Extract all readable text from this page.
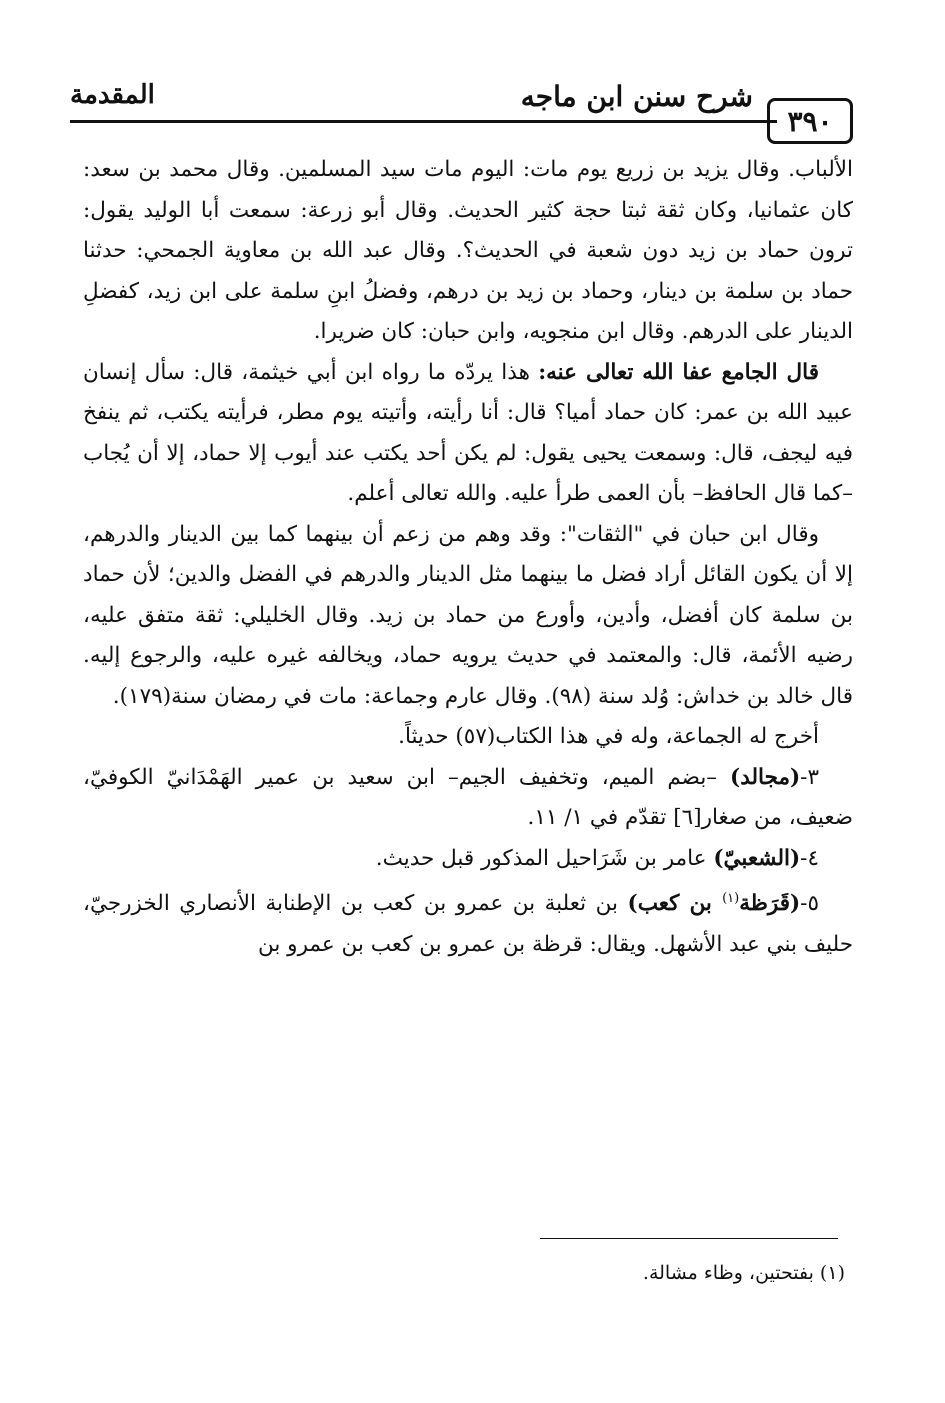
٣٩٠
شرح سنن ابن ماجه
المقدمة

الألباب. وقال يزيد بن زريع يوم مات: اليوم مات سيد المسلمين. وقال محمد بن سعد: كان عثمانيا، وكان ثقة ثبتا حجة كثير الحديث. وقال أبو زرعة: سمعت أبا الوليد يقول: ترون حماد بن زيد دون شعبة في الحديث؟. وقال عبد الله بن معاوية الجمحي: حدثنا حماد بن سلمة بن دينار، وحماد بن زيد بن درهم، وفضلُ ابنِ سلمة على ابن زيد، كفضلِ الدينار على الدرهم. وقال ابن منجويه، وابن حبان: كان ضريرا.

قال الجامع عفا الله تعالى عنه: هذا يردّه ما رواه ابن أبي خيثمة، قال: سأل إنسان عبيد الله بن عمر: كان حماد أميا؟ قال: أنا رأيته، وأتيته يوم مطر، فرأيته يكتب، ثم ينفخ فيه ليجف، قال: وسمعت يحيى يقول: لم يكن أحد يكتب عند أيوب إلا حماد، إلا أن يُجاب –كما قال الحافظ– بأن العمى طرأ عليه. والله تعالى أعلم.

وقال ابن حبان في "الثقات": وقد وهم من زعم أن بينهما كما بين الدينار والدرهم، إلا أن يكون القائل أراد فضل ما بينهما مثل الدينار والدرهم في الفضل والدين؛ لأن حماد بن سلمة كان أفضل، وأدين، وأورع من حماد بن زيد. وقال الخليلي: ثقة متفق عليه، رضيه الأئمة، قال: والمعتمد في حديث يرويه حماد، ويخالفه غيره عليه، والرجوع إليه. قال خالد بن خداش: وُلد سنة (٩٨). وقال عارم وجماعة: مات في رمضان سنة(١٧٩).

أخرج له الجماعة، وله في هذا الكتاب(٥٧) حديثاً.

٣-(مجالد) –بضم الميم، وتخفيف الجيم– ابن سعيد بن عمير الهَمْدَانيّ الكوفيّ، ضعيف، من صغار[٦] تقدّم في ١/ ١١.

٤-(الشعبيّ) عامر بن شَرَاحيل المذكور قبل حديث.

٥-(قَرَظة$^{(١)}$ بن كعب) بن ثعلبة بن عمرو بن كعب بن الإطنابة الأنصاري الخزرجيّ، حليف بني عبد الأشهل. ويقال: قرظة بن عمرو بن كعب بن عمرو بن

(١) بفتحتين، وظاء مشالة.
